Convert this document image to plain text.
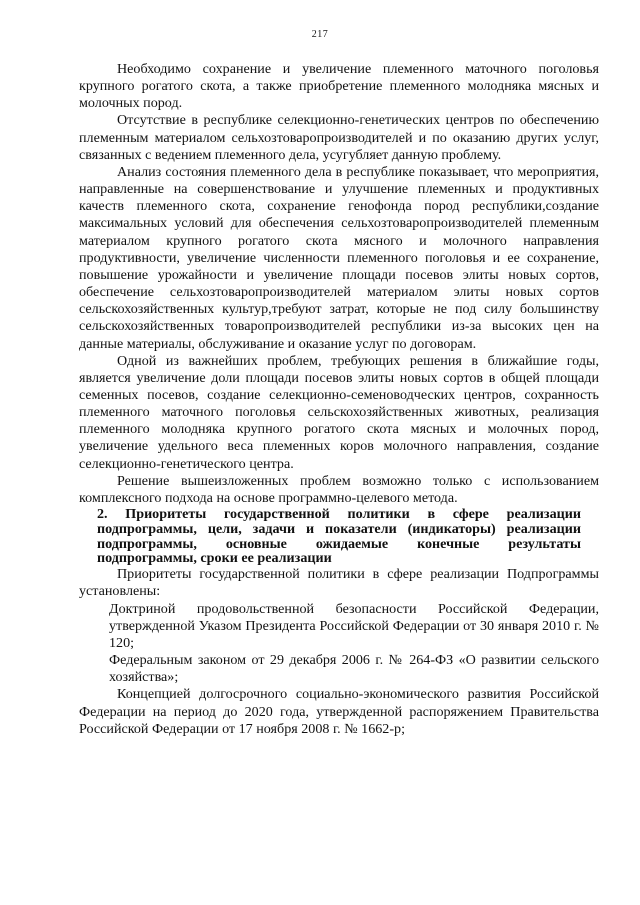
217

Необходимо сохранение и увеличение племенного маточного поголовья крупного рогатого скота, а также приобретение племенного молодняка мясных и молочных пород.

Отсутствие в республике селекционно-генетических центров по обеспечению племенным материалом сельхозтоваропроизводителей и по оказанию других услуг, связанных с ведением племенного дела, усугубляет данную проблему.

Анализ состояния племенного дела в республике показывает, что мероприятия, направленные на совершенствование и улучшение племенных и продуктивных качеств племенного скота, сохранение генофонда пород республики,создание максимальных условий для обеспечения сельхозтоваропроизводителей племенным материалом крупного рогатого скота мясного и молочного направления продуктивности, увеличение численности племенного поголовья и ее сохранение, повышение урожайности и увеличение площади посевов элиты новых сортов, обеспечение сельхозтоваропроизводителей материалом элиты новых сортов сельскохозяйственных культур,требуют затрат, которые не под силу большинству сельскохозяйственных товаропроизводителей республики из-за высоких цен на данные материалы, обслуживание и оказание услуг по договорам.

Одной из важнейших проблем, требующих решения в ближайшие годы, является увеличение доли площади посевов элиты новых сортов в общей площади семенных посевов, создание селекционно-семеноводческих центров, сохранность племенного маточного поголовья сельскохозяйственных животных, реализация племенного молодняка крупного рогатого скота мясных и молочных пород, увеличение удельного веса племенных коров молочного направления, создание селекционно-генетического центра.

Решение вышеизложенных проблем возможно только с использованием комплексного подхода на основе программно-целевого метода.

2. Приоритеты государственной политики в сфере реализации подпрограммы, цели, задачи и показатели (индикаторы) реализации подпрограммы, основные ожидаемые конечные результаты подпрограммы, сроки ее реализации

Приоритеты государственной политики в сфере реализации Подпрограммы установлены:

Доктриной продовольственной безопасности Российской Федерации, утвержденной Указом Президента Российской Федерации от 30 января 2010 г. № 120;

Федеральным законом от 29 декабря 2006 г. № 264-ФЗ «О развитии сельского хозяйства»;

Концепцией долгосрочного социально-экономического развития Российской Федерации на период до 2020 года, утвержденной распоряжением Правительства Российской Федерации от 17 ноября 2008 г. № 1662-р;
